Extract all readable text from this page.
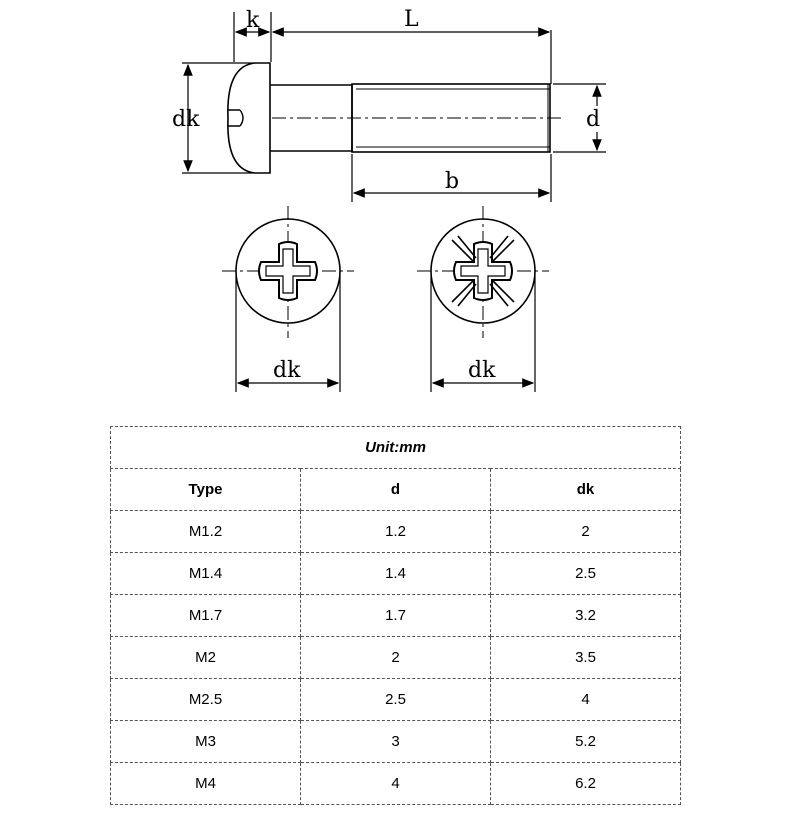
k	L
dk	d
b
dk	dk
Unit:mm		
Type	d	dk
M1.2	1.2	2
M1.4	1.4	2.5
M1.7	1.7	3.2
M2	2	3.5
M2.5	2.5	4
M3	3	5.2
M4	4	6.2
